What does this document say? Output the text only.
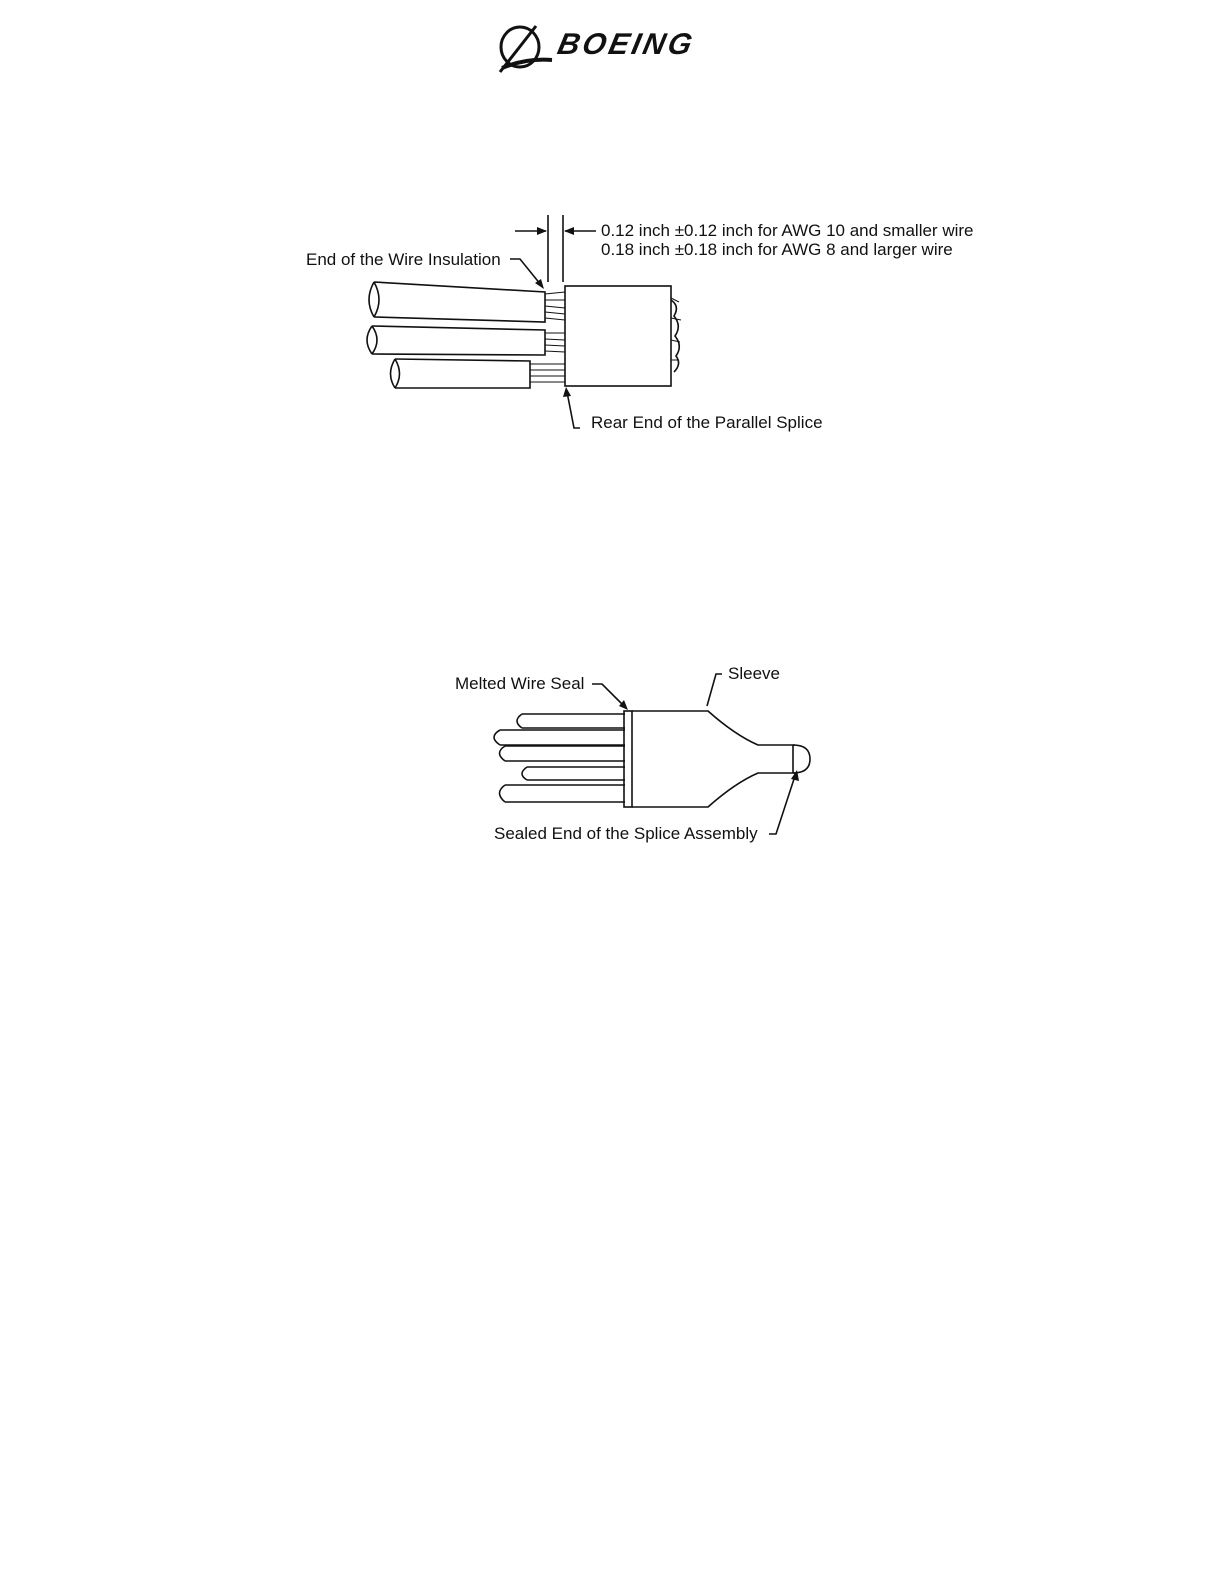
BOEING
0.12 inch ±0.12 inch for AWG 10 and smaller wire
0.18 inch ±0.18 inch for AWG 8 and larger wire
End of the Wire Insulation
Rear End of the Parallel Splice
Melted Wire Seal
Sleeve
Sealed End of the Splice Assembly
